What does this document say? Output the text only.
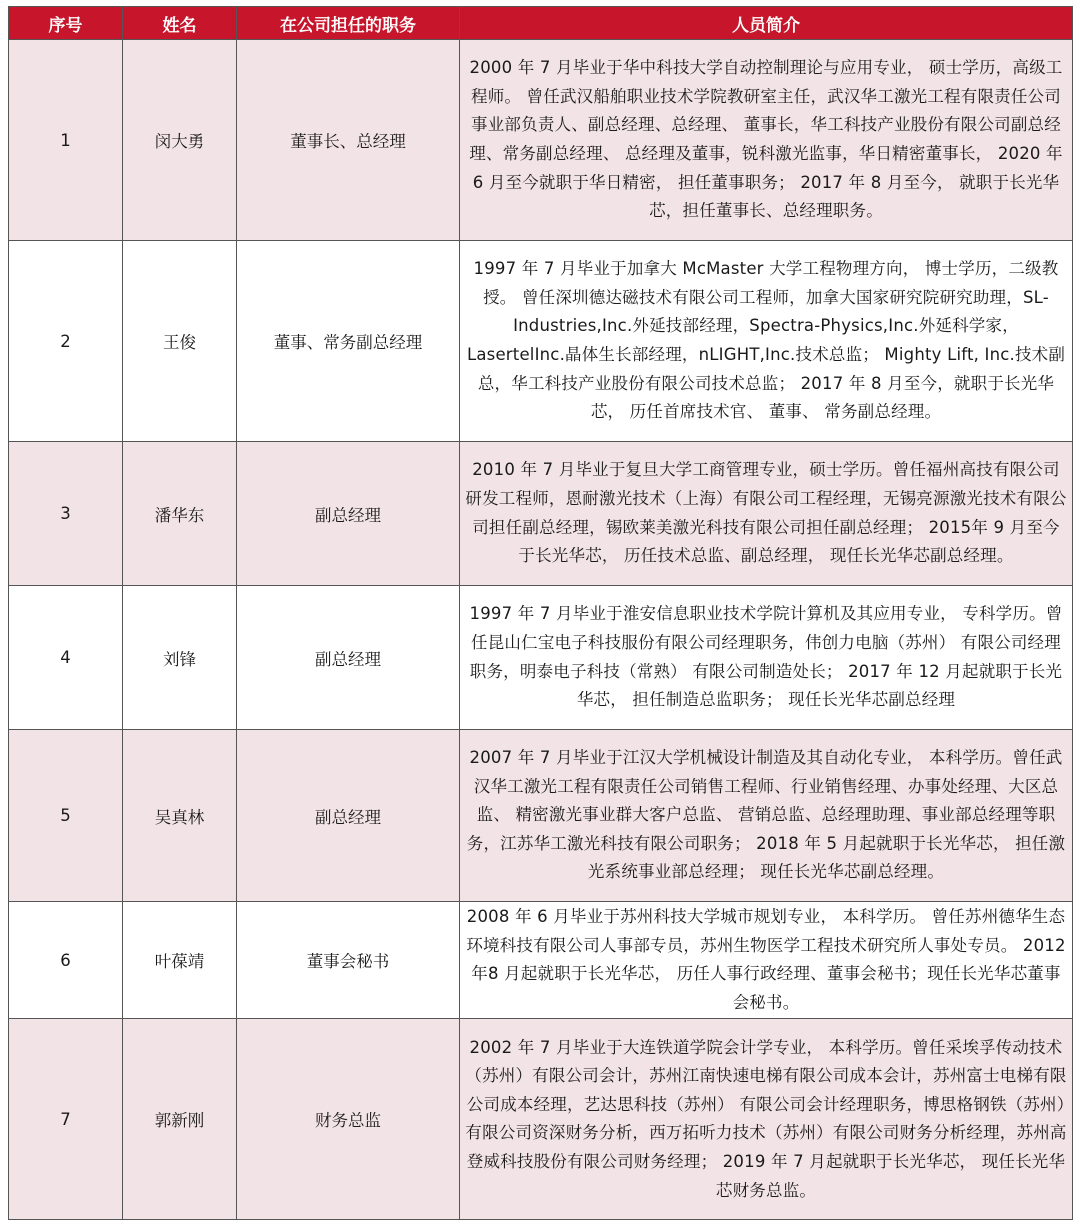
序号	姓名	在公司担任的职务	人员简介
1	闵大勇	董事长、总经理	2000 年 7 月毕业于华中科技大学自动控制理论与应用专业， 硕士学历，高级工程师。 曾任武汉船舶职业技术学院教研室主任，武汉华工激光工程有限责任公司事业部负责人、副总经理、总经理、 董事长，华工科技产业股份有限公司副总经理、常务副总经理、 总经理及董事，锐科激光监事，华日精密董事长， 2020 年 6 月至今就职于华日精密， 担任董事职务； 2017 年 8 月至今， 就职于长光华芯，担任董事长、总经理职务。
2	王俊	董事、常务副总经理	1997 年 7 月毕业于加拿大 McMaster 大学工程物理方向， 博士学历，二级教授。 曾任深圳德达磁技术有限公司工程师，加拿大国家研究院研究助理，SL-Industries,Inc.外延技部经理，Spectra-Physics,Inc.外延科学家， LasertelInc.晶体生长部经理，nLIGHT,Inc.技术总监； Mighty Lift, Inc.技术副总，华工科技产业股份有限公司技术总监； 2017 年 8 月至今，就职于长光华芯， 历任首席技术官、 董事、 常务副总经理。
3	潘华东	副总经理	2010 年 7 月毕业于复旦大学工商管理专业，硕士学历。曾任福州高技有限公司研发工程师，恩耐激光技术（上海）有限公司工程经理，无锡亮源激光技术有限公司担任副总经理，锡欧莱美激光科技有限公司担任副总经理； 2015年 9 月至今于长光华芯， 历任技术总监、副总经理， 现任长光华芯副总经理。
4	刘锋	副总经理	1997 年 7 月毕业于淮安信息职业技术学院计算机及其应用专业， 专科学历。曾任昆山仁宝电子科技服份有限公司经理职务，伟创力电脑（苏州） 有限公司经理职务，明泰电子科技（常熟） 有限公司制造处长； 2017 年 12 月起就职于长光华芯， 担任制造总监职务； 现任长光华芯副总经理
5	吴真林	副总经理	2007 年 7 月毕业于江汉大学机械设计制造及其自动化专业， 本科学历。曾任武汉华工激光工程有限责任公司销售工程师、行业销售经理、办事处经理、大区总监、 精密激光事业群大客户总监、 营销总监、总经理助理、事业部总经理等职务，江苏华工激光科技有限公司职务； 2018 年 5 月起就职于长光华芯， 担任激光系统事业部总经理； 现任长光华芯副总经理。
6	叶葆靖	董事会秘书	2008 年 6 月毕业于苏州科技大学城市规划专业， 本科学历。 曾任苏州德华生态环境科技有限公司人事部专员，苏州生物医学工程技术研究所人事处专员。 2012 年8 月起就职于长光华芯， 历任人事行政经理、董事会秘书；现任长光华芯董事会秘书。
7	郭新刚	财务总监	2002 年 7 月毕业于大连铁道学院会计学专业， 本科学历。曾任采埃孚传动技术（苏州）有限公司会计，苏州江南快速电梯有限公司成本会计，苏州富士电梯有限公司成本经理，艺达思科技（苏州） 有限公司会计经理职务，博思格钢铁（苏州）有限公司资深财务分析，西万拓听力技术（苏州）有限公司财务分析经理，苏州高登威科技股份有限公司财务经理； 2019 年 7 月起就职于长光华芯， 现任长光华芯财务总监。
